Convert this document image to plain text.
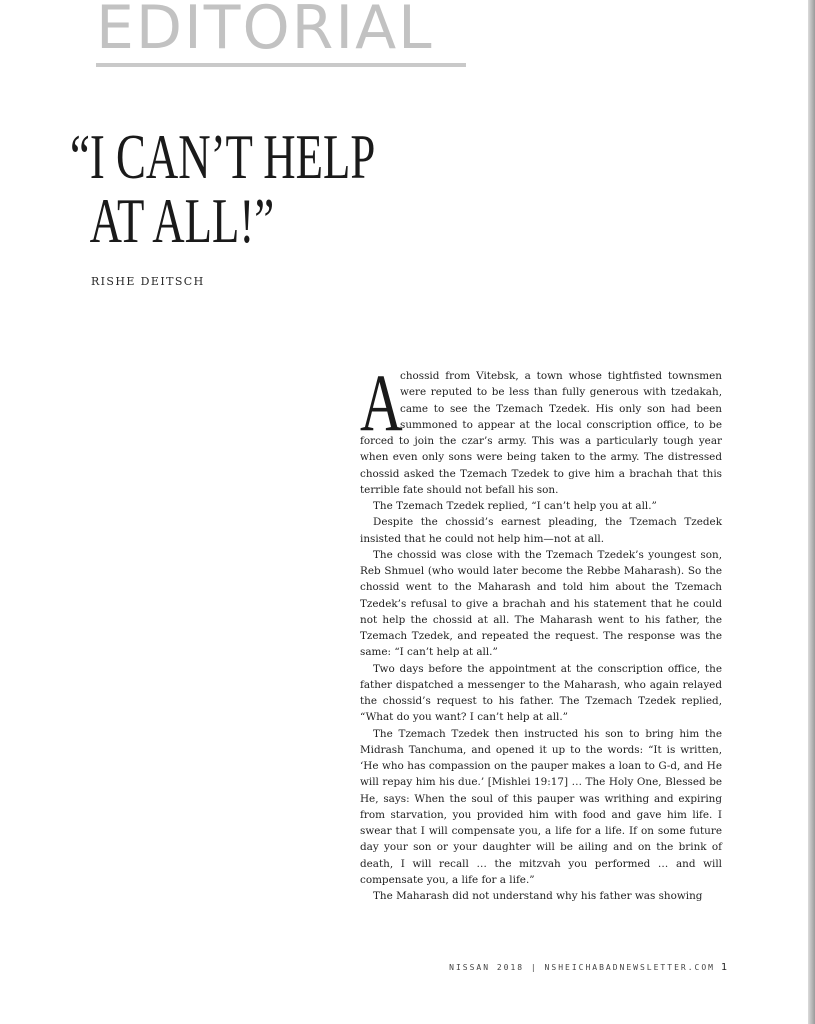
EDITORIAL
“I CAN’T HELP
AT ALL!”
RISHE DEITSCH

A
chossid from Vitebsk, a town whose tightfisted townsmen were reputed to be less than fully generous with tzedakah, came to see the Tzemach Tzedek. His only son had been summoned to appear at the local conscription office, to be forced to join the czar’s army. This was a particularly tough year when even only sons were being taken to the army. The distressed chossid asked the Tzemach Tzedek to give him a brachah that this terrible fate should not befall his son.

The Tzemach Tzedek replied, “I can’t help you at all.”

Despite the chossid’s earnest pleading, the Tzemach Tzedek insisted that he could not help him—not at all.

The chossid was close with the Tzemach Tzedek’s youngest son, Reb Shmuel (who would later become the Rebbe Maharash). So the chossid went to the Maharash and told him about the Tzemach Tzedek’s refusal to give a brachah and his statement that he could not help the chossid at all. The Maharash went to his father, the Tzemach Tzedek, and repeated the request. The response was the same: “I can’t help at all.”

Two days before the appointment at the conscription office, the father dispatched a messenger to the Maharash, who again relayed the chossid’s request to his father. The Tzemach Tzedek replied, “What do you want? I can’t help at all.”

The Tzemach Tzedek then instructed his son to bring him the Midrash Tanchuma, and opened it up to the words: “It is written, ‘He who has compassion on the pauper makes a loan to G-d, and He will repay him his due.’ [Mishlei 19:17] … The Holy One, Blessed be He, says: When the soul of this pauper was writhing and expiring from starvation, you provided him with food and gave him life. I swear that I will compensate you, a life for a life. If on some future day your son or your daughter will be ailing and on the brink of death, I will recall … the mitzvah you performed … and will compensate you, a life for a life.”

The Maharash did not understand why his father was showing

NISSAN 2018 | NSHEICHABADNEWSLETTER.COM 1
